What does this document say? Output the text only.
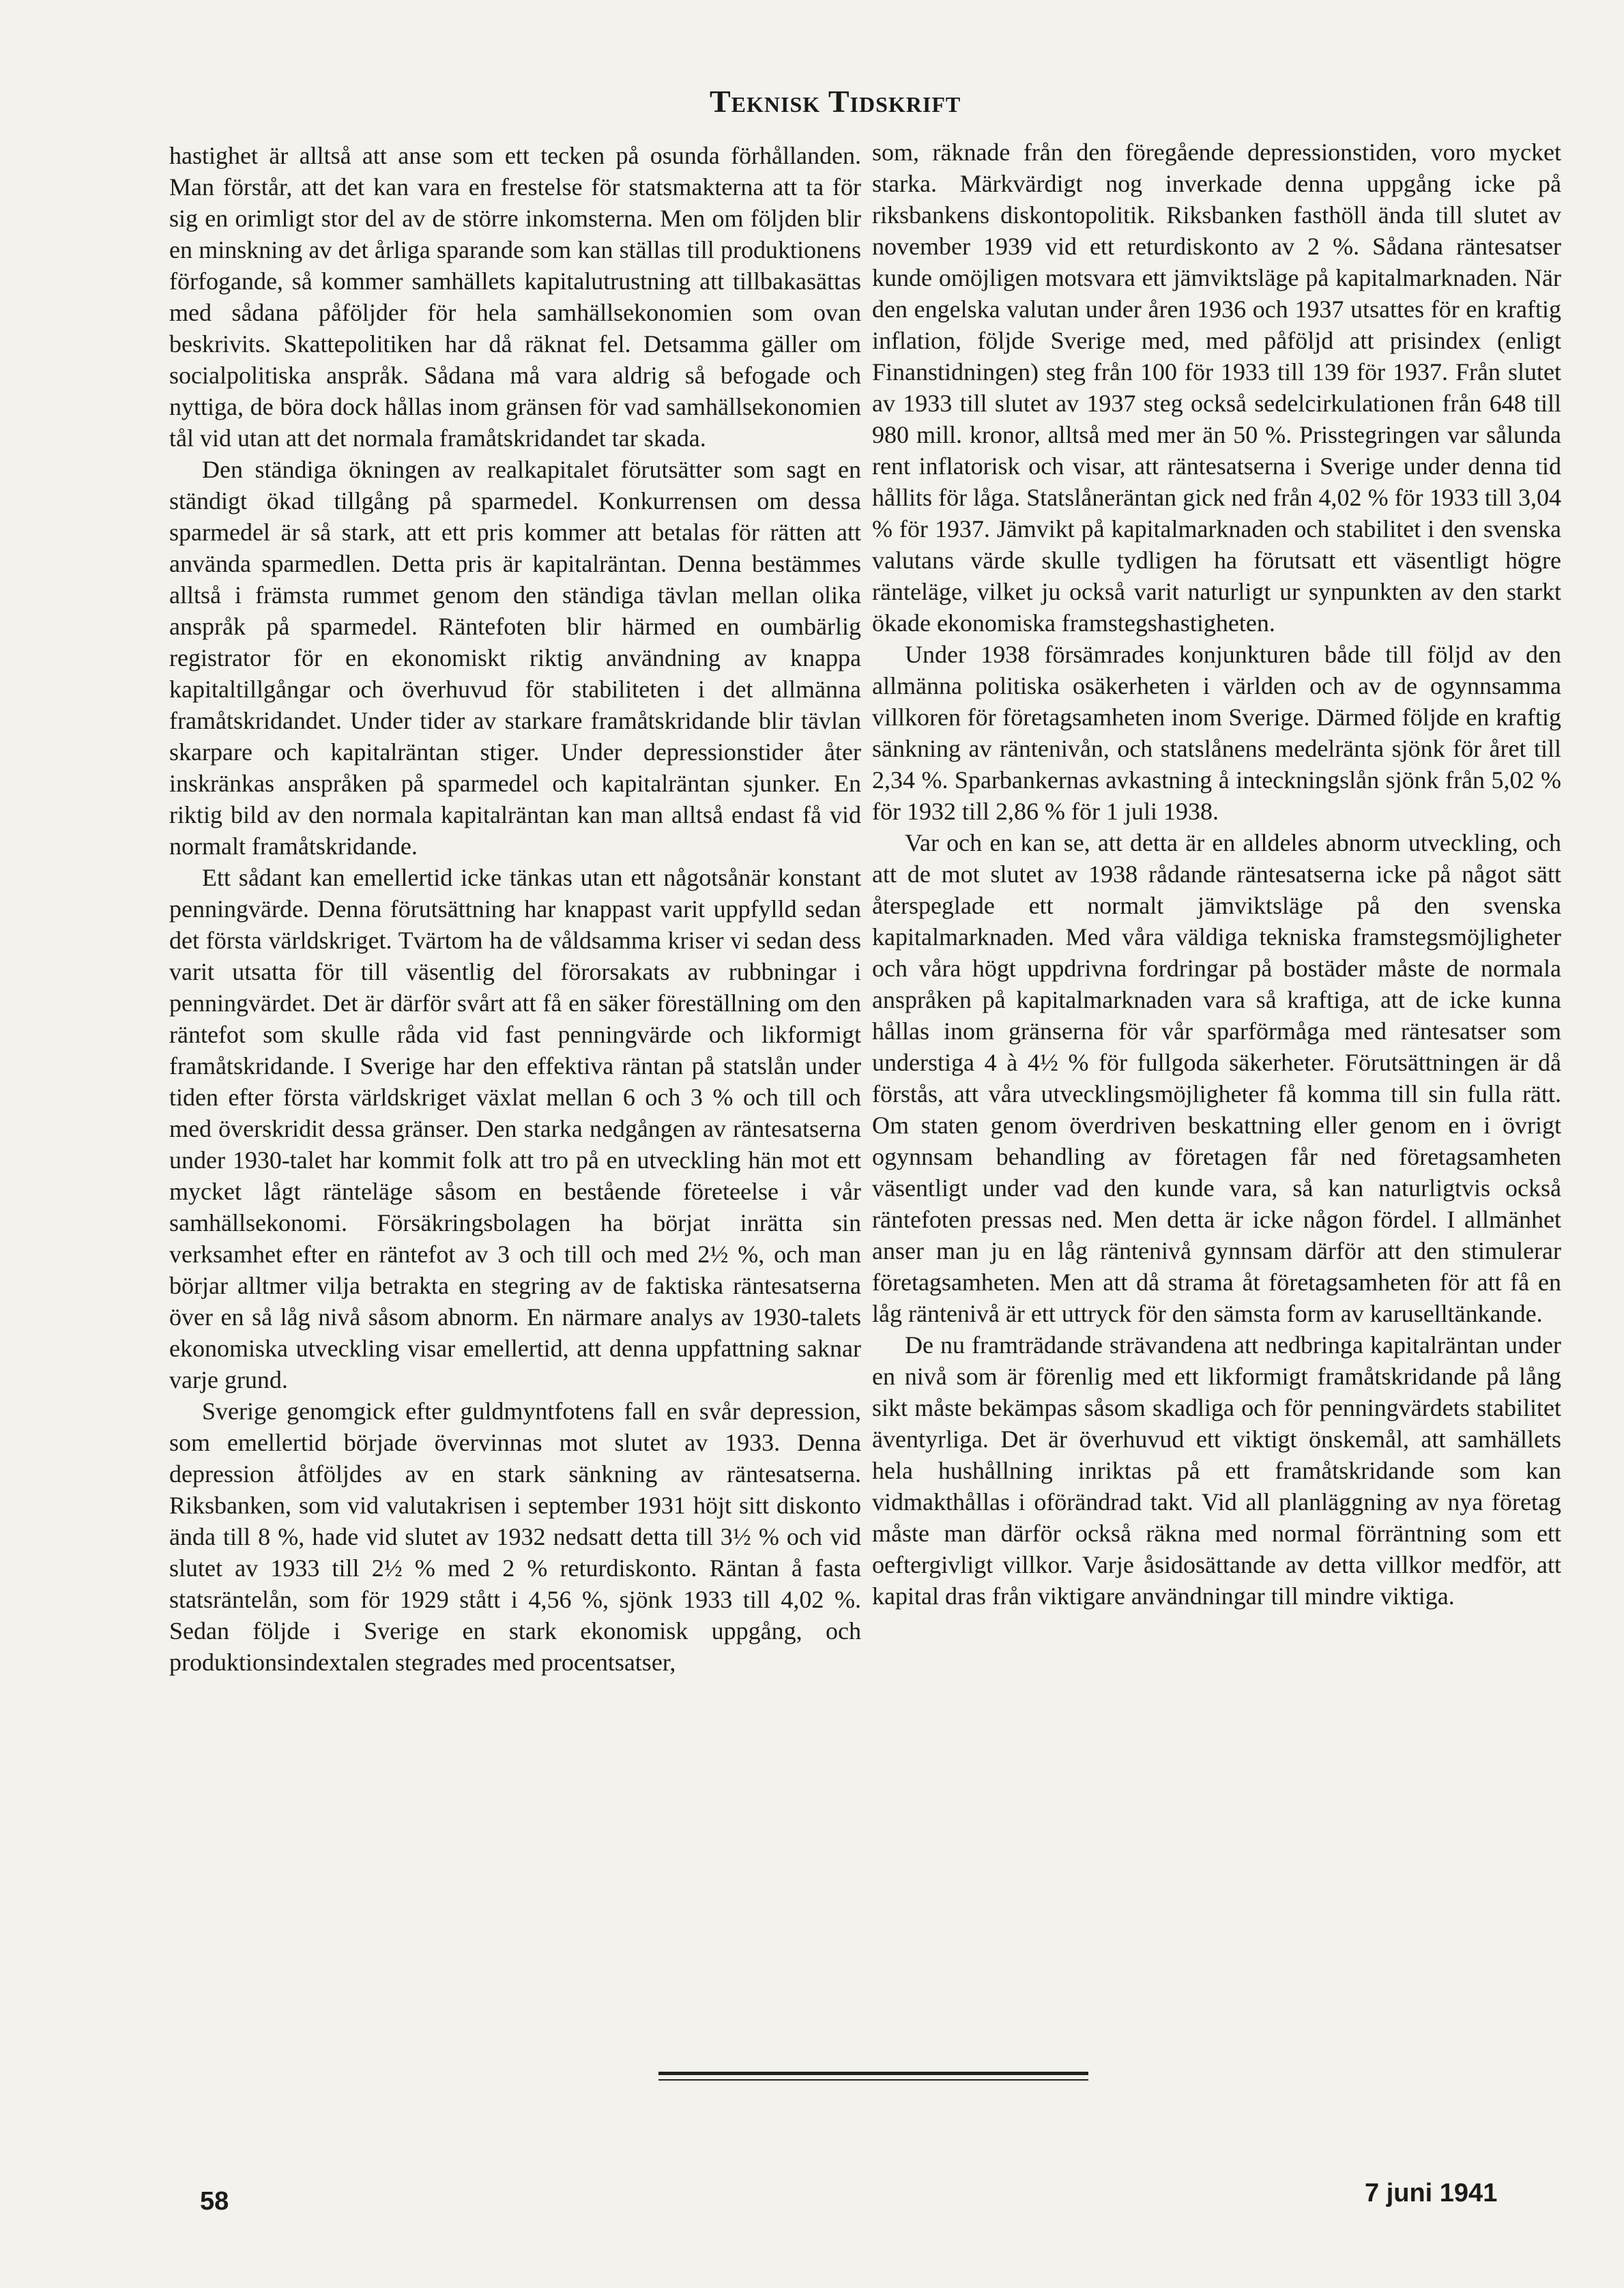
Teknisk Tidskrift

hastighet är alltså att anse som ett tecken på osunda förhållanden. Man förstår, att det kan vara en frestelse för statsmakterna att ta för sig en orimligt stor del av de större inkomsterna. Men om följden blir en minskning av det årliga sparande som kan ställas till produktionens förfogande, så kommer samhällets kapitalutrustning att tillbakasättas med sådana påföljder för hela samhällsekonomien som ovan beskrivits. Skattepolitiken har då räknat fel. Detsamma gäller om socialpolitiska anspråk. Sådana må vara aldrig så befogade och nyttiga, de böra dock hållas inom gränsen för vad samhällsekonomien tål vid utan att det normala framåtskridandet tar skada.

Den ständiga ökningen av realkapitalet förutsätter som sagt en ständigt ökad tillgång på sparmedel. Konkurrensen om dessa sparmedel är så stark, att ett pris kommer att betalas för rätten att använda sparmedlen. Detta pris är kapitalräntan. Denna bestämmes alltså i främsta rummet genom den ständiga tävlan mellan olika anspråk på sparmedel. Räntefoten blir härmed en oumbärlig registrator för en ekonomiskt riktig användning av knappa kapitaltillgångar och överhuvud för stabiliteten i det allmänna framåtskridandet. Under tider av starkare framåtskridande blir tävlan skarpare och kapitalräntan stiger. Under depressionstider åter inskränkas anspråken på sparmedel och kapitalräntan sjunker. En riktig bild av den normala kapitalräntan kan man alltså endast få vid normalt framåtskridande.

Ett sådant kan emellertid icke tänkas utan ett någotsånär konstant penningvärde. Denna förutsättning har knappast varit uppfylld sedan det första världskriget. Tvärtom ha de våldsamma kriser vi sedan dess varit utsatta för till väsentlig del förorsakats av rubbningar i penningvärdet. Det är därför svårt att få en säker föreställning om den räntefot som skulle råda vid fast penningvärde och likformigt framåtskridande. I Sverige har den effektiva räntan på statslån under tiden efter första världskriget växlat mellan 6 och 3 % och till och med överskridit dessa gränser. Den starka nedgången av räntesatserna under 1930-talet har kommit folk att tro på en utveckling hän mot ett mycket lågt ränteläge såsom en bestående företeelse i vår samhällsekonomi. Försäkringsbolagen ha börjat inrätta sin verksamhet efter en räntefot av 3 och till och med 2½ %, och man börjar alltmer vilja betrakta en stegring av de faktiska räntesatserna över en så låg nivå såsom abnorm. En närmare analys av 1930-talets ekonomiska utveckling visar emellertid, att denna uppfattning saknar varje grund.

Sverige genomgick efter guldmyntfotens fall en svår depression, som emellertid började övervinnas mot slutet av 1933. Denna depression åtföljdes av en stark sänkning av räntesatserna. Riksbanken, som vid valutakrisen i september 1931 höjt sitt diskonto ända till 8 %, hade vid slutet av 1932 nedsatt detta till 3½ % och vid slutet av 1933 till 2½ % med 2 % returdiskonto. Räntan å fasta statsräntelån, som för 1929 stått i 4,56 %, sjönk 1933 till 4,02 %. Sedan följde i Sverige en stark ekonomisk uppgång, och produktionsindextalen stegrades med procentsatser,

som, räknade från den föregående depressionstiden, voro mycket starka. Märkvärdigt nog inverkade denna uppgång icke på riksbankens diskontopolitik. Riksbanken fasthöll ända till slutet av november 1939 vid ett returdiskonto av 2 %. Sådana räntesatser kunde omöjligen motsvara ett jämviktsläge på kapitalmarknaden. När den engelska valutan under åren 1936 och 1937 utsattes för en kraftig inflation, följde Sverige med, med påföljd att prisindex (enligt Finanstidningen) steg från 100 för 1933 till 139 för 1937. Från slutet av 1933 till slutet av 1937 steg också sedelcirkulationen från 648 till 980 mill. kronor, alltså med mer än 50 %. Prisstegringen var sålunda rent inflatorisk och visar, att räntesatserna i Sverige under denna tid hållits för låga. Statslåneräntan gick ned från 4,02 % för 1933 till 3,04 % för 1937. Jämvikt på kapitalmarknaden och stabilitet i den svenska valutans värde skulle tydligen ha förutsatt ett väsentligt högre ränteläge, vilket ju också varit naturligt ur synpunkten av den starkt ökade ekonomiska framstegshastigheten.

Under 1938 försämrades konjunkturen både till följd av den allmänna politiska osäkerheten i världen och av de ogynnsamma villkoren för företagsamheten inom Sverige. Därmed följde en kraftig sänkning av räntenivån, och statslånens medelränta sjönk för året till 2,34 %. Sparbankernas avkastning å inteckningslån sjönk från 5,02 % för 1932 till 2,86 % för 1 juli 1938.

Var och en kan se, att detta är en alldeles abnorm utveckling, och att de mot slutet av 1938 rådande räntesatserna icke på något sätt återspeglade ett normalt jämviktsläge på den svenska kapitalmarknaden. Med våra väldiga tekniska framstegsmöjligheter och våra högt uppdrivna fordringar på bostäder måste de normala anspråken på kapitalmarknaden vara så kraftiga, att de icke kunna hållas inom gränserna för vår sparförmåga med räntesatser som understiga 4 à 4½ % för fullgoda säkerheter. Förutsättningen är då förstås, att våra utvecklingsmöjligheter få komma till sin fulla rätt. Om staten genom överdriven beskattning eller genom en i övrigt ogynnsam behandling av företagen får ned företagsamheten väsentligt under vad den kunde vara, så kan naturligtvis också räntefoten pressas ned. Men detta är icke någon fördel. I allmänhet anser man ju en låg räntenivå gynnsam därför att den stimulerar företagsamheten. Men att då strama åt företagsamheten för att få en låg räntenivå är ett uttryck för den sämsta form av karuselltänkande.

De nu framträdande strävandena att nedbringa kapitalräntan under en nivå som är förenlig med ett likformigt framåtskridande på lång sikt måste bekämpas såsom skadliga och för penningvärdets stabilitet äventyrliga. Det är överhuvud ett viktigt önskemål, att samhällets hela hushållning inriktas på ett framåtskridande som kan vidmakthållas i oförändrad takt. Vid all planläggning av nya företag måste man därför också räkna med normal förräntning som ett oeftergivligt villkor. Varje åsidosättande av detta villkor medför, att kapital dras från viktigare användningar till mindre viktiga.

58	7 juni 1941
